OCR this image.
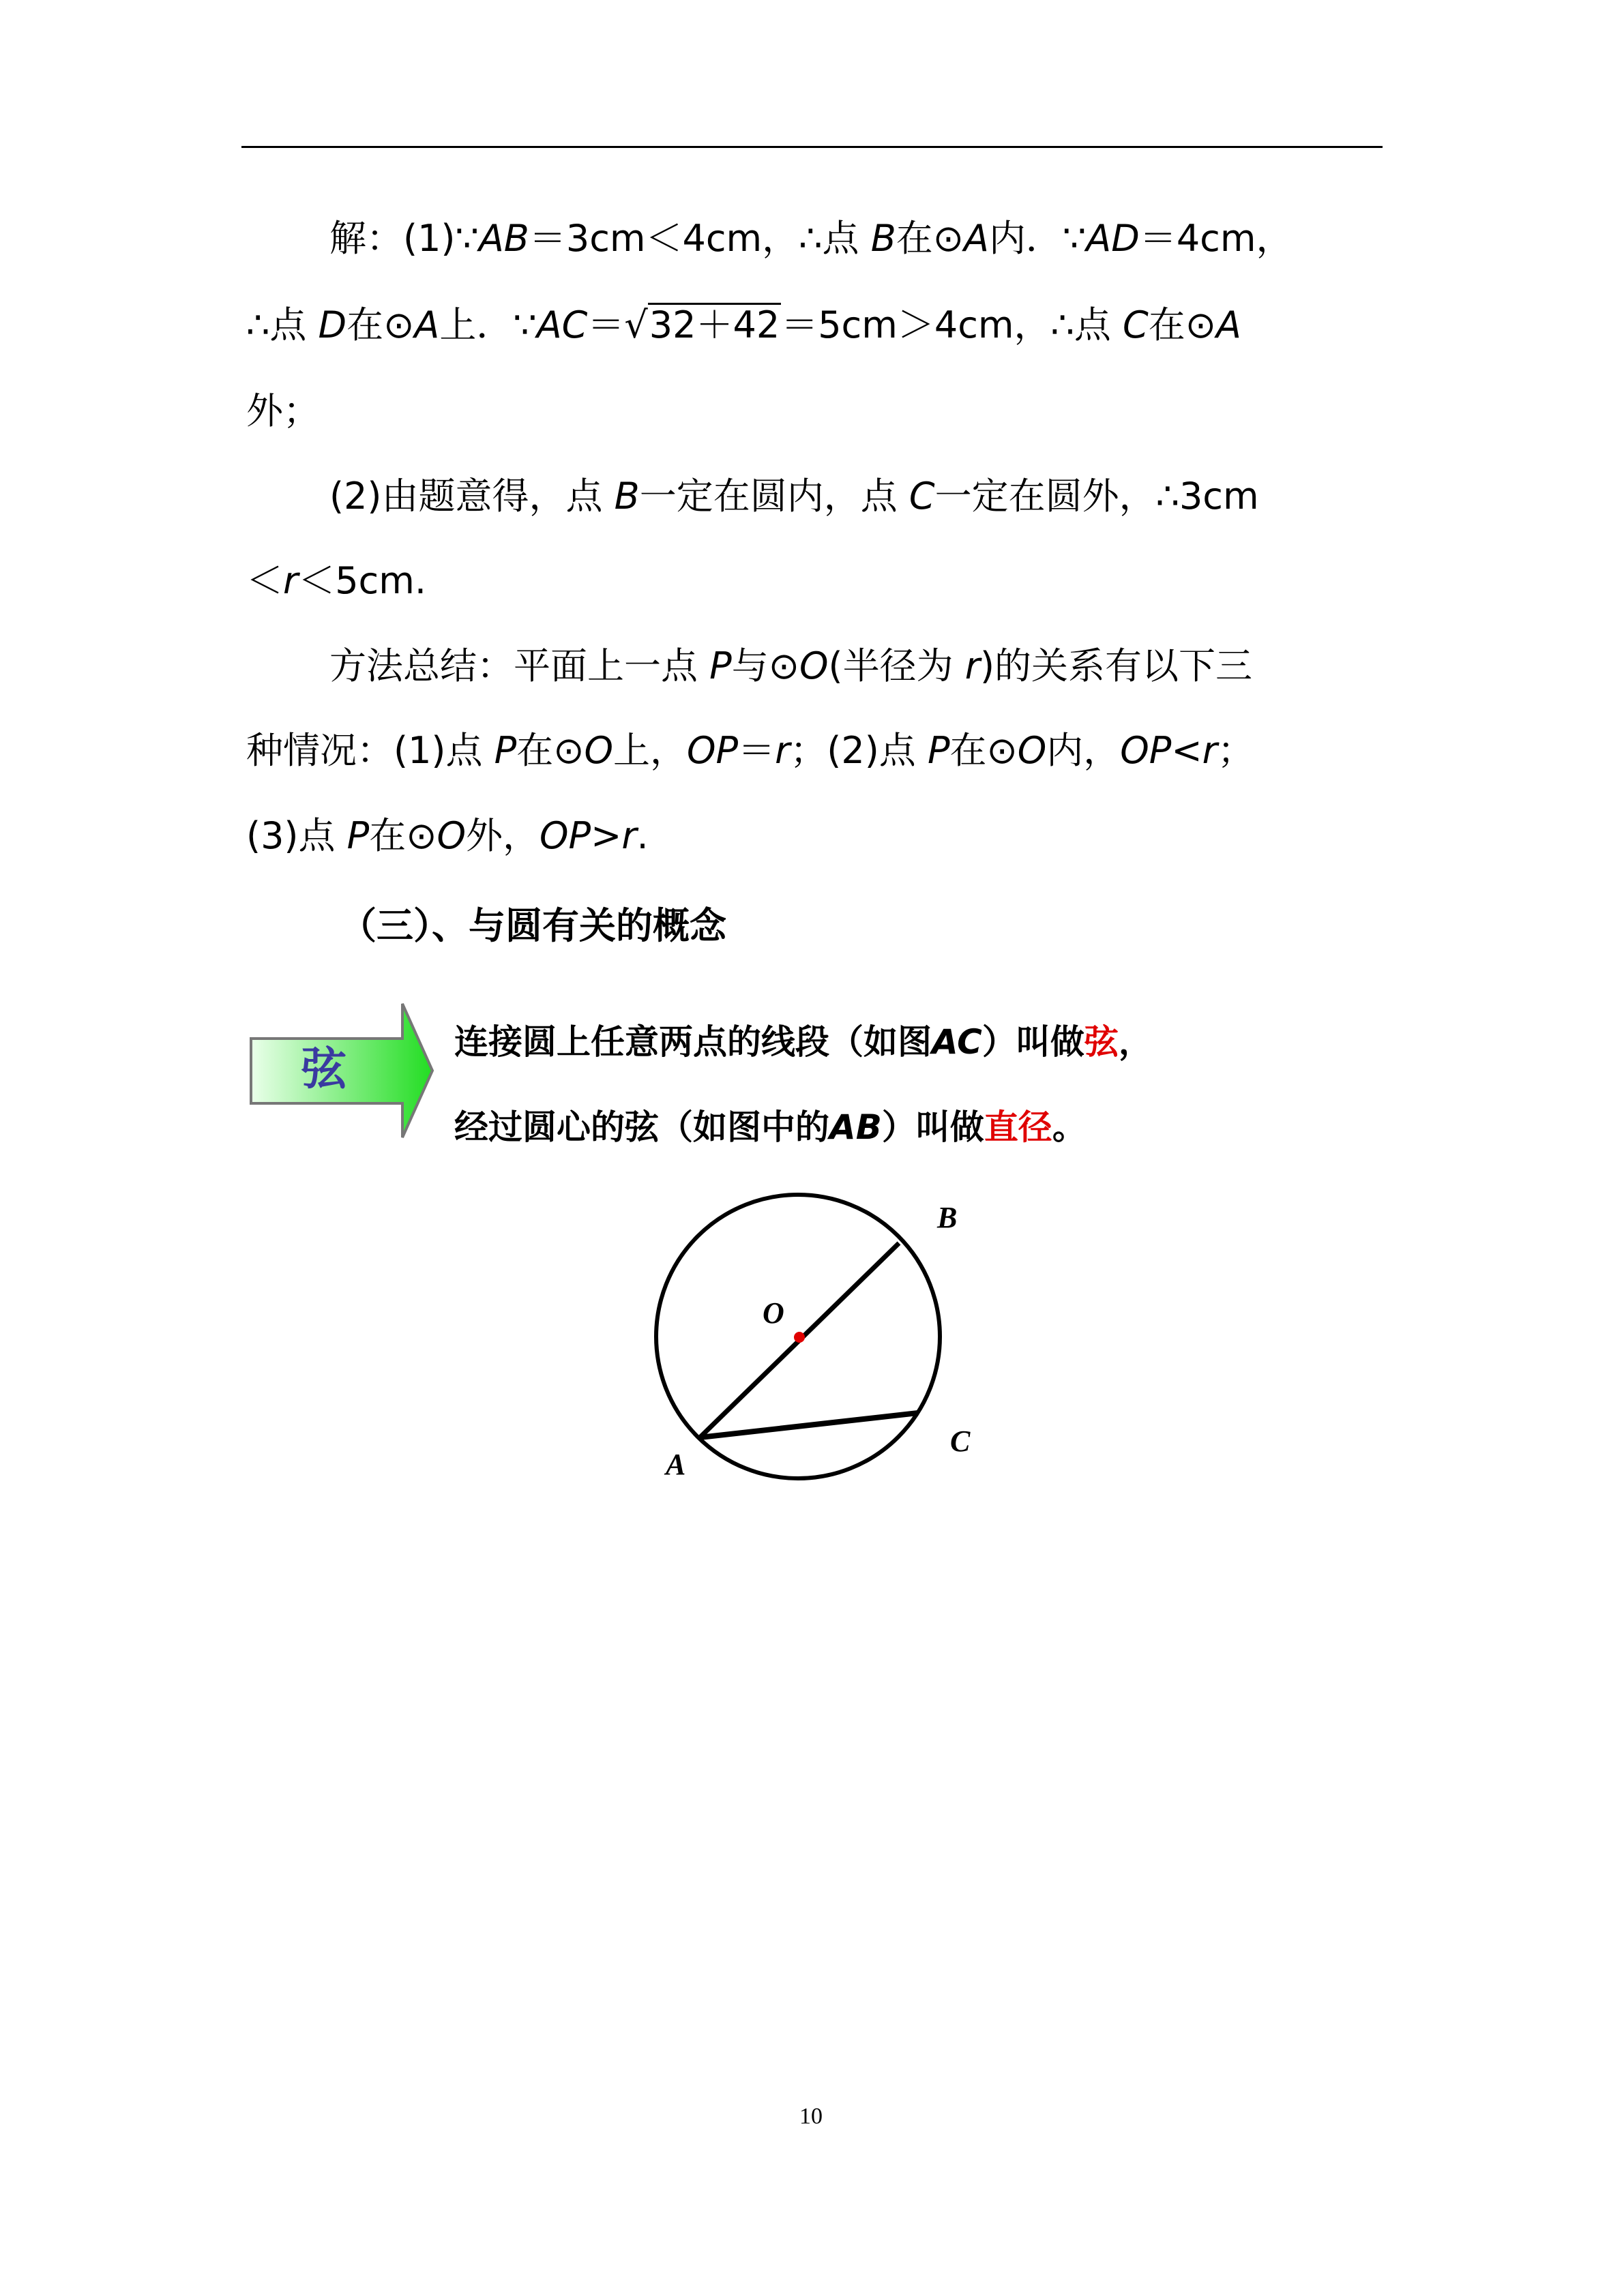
解：(1)∵AB＝3cm＜4cm，∴点 B在⊙A内．∵AD＝4cm，
∴点 D在⊙A上．∵AC＝√32＋42＝5cm＞4cm，∴点 C在⊙A
外；
(2)由题意得，点 B一定在圆内，点 C一定在圆外，∴3cm
＜r＜5cm.
方法总结：平面上一点 P与⊙O(半径为 r)的关系有以下三
种情况：(1)点 P在⊙O上，OP＝r；(2)点 P在⊙O内，OP<r；
(3)点 P在⊙O外，OP>r.
（三）、与圆有关的概念
弦
连接圆上任意两点的线段（如图AC）叫做弦，
经过圆心的弦（如图中的AB）叫做直径。
B
O
A
C
10
